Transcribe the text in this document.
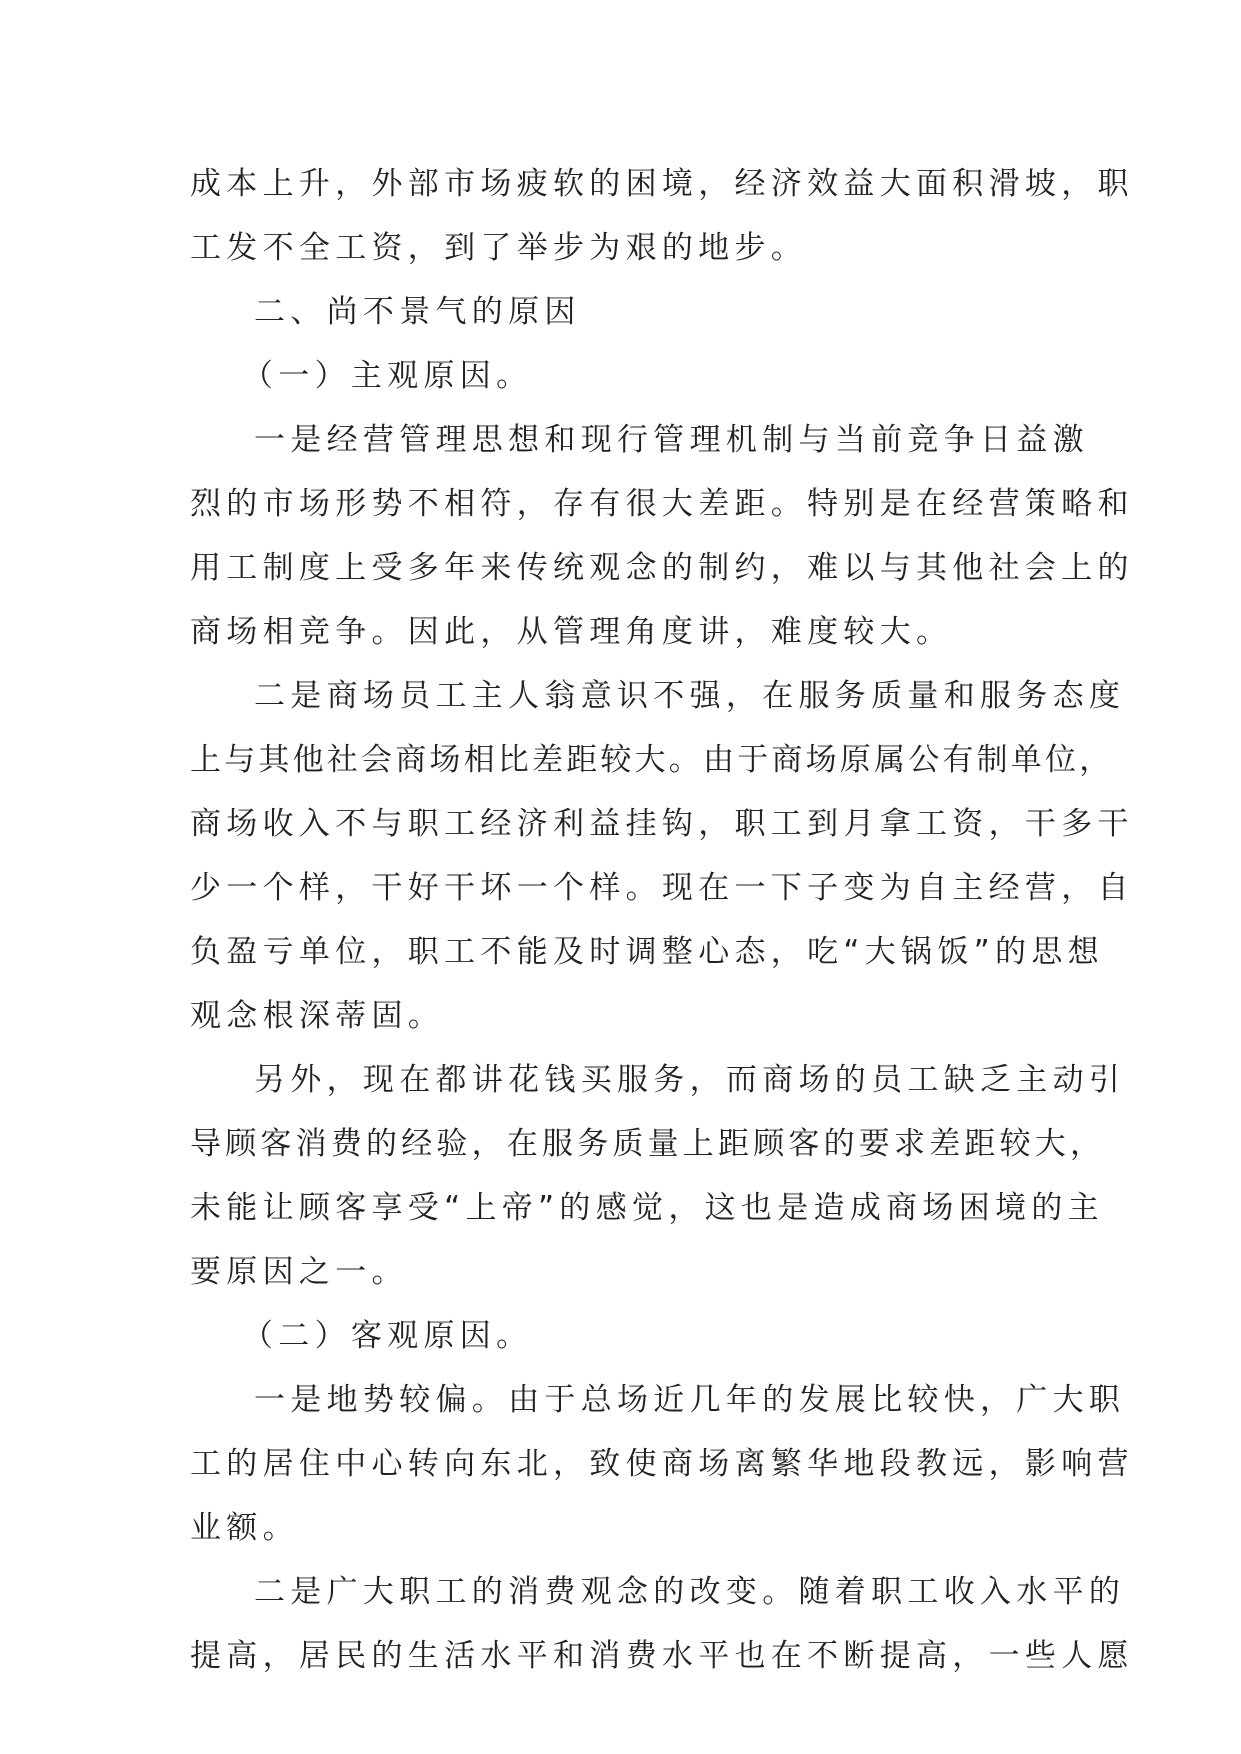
成本上升，外部市场疲软的困境，经济效益大面积滑坡，职
工发不全工资，到了举步为艰的地步。
二、尚不景气的原因
（一）主观原因。
一是经营管理思想和现行管理机制与当前竞争日益激
烈的市场形势不相符，存有很大差距。特别是在经营策略和
用工制度上受多年来传统观念的制约，难以与其他社会上的
商场相竞争。因此，从管理角度讲，难度较大。
二是商场员工主人翁意识不强，在服务质量和服务态度
上与其他社会商场相比差距较大。由于商场原属公有制单位，
商场收入不与职工经济利益挂钩，职工到月拿工资，干多干
少一个样，干好干坏一个样。现在一下子变为自主经营，自
负盈亏单位，职工不能及时调整心态，吃“大锅饭”的思想
观念根深蒂固。
另外，现在都讲花钱买服务，而商场的员工缺乏主动引
导顾客消费的经验，在服务质量上距顾客的要求差距较大，
未能让顾客享受“上帝”的感觉，这也是造成商场困境的主
要原因之一。
（二）客观原因。
一是地势较偏。由于总场近几年的发展比较快，广大职
工的居住中心转向东北，致使商场离繁华地段教远，影响营
业额。
二是广大职工的消费观念的改变。随着职工收入水平的
提高，居民的生活水平和消费水平也在不断提高，一些人愿
